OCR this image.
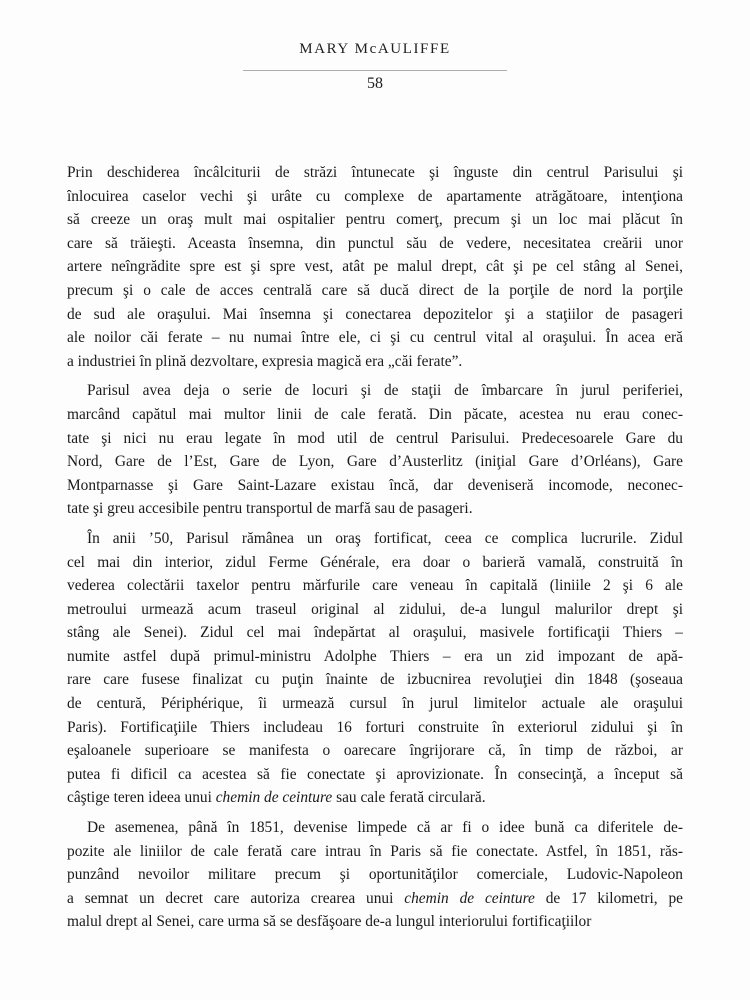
MARY McAULIFFE
58
Prin deschiderea încâlciturii de străzi întunecate şi înguste din centrul Parisului şi
înlocuirea caselor vechi şi urâte cu complexe de apartamente atrăgătoare, intenţiona
să creeze un oraş mult mai ospitalier pentru comerţ, precum şi un loc mai plăcut în
care să trăieşti. Aceasta însemna, din punctul său de vedere, necesitatea creării unor
artere neîngrădite spre est şi spre vest, atât pe malul drept, cât şi pe cel stâng al Senei,
precum şi o cale de acces centrală care să ducă direct de la porţile de nord la porţile
de sud ale oraşului. Mai însemna şi conectarea depozitelor şi a staţiilor de pasageri
ale noilor căi ferate – nu numai între ele, ci şi cu centrul vital al oraşului. În acea eră
a industriei în plină dezvoltare, expresia magică era „căi ferate”.
Parisul avea deja o serie de locuri şi de staţii de îmbarcare în jurul periferiei,
marcând capătul mai multor linii de cale ferată. Din păcate, acestea nu erau conec-
tate şi nici nu erau legate în mod util de centrul Parisului. Predecesoarele Gare du
Nord, Gare de l’Est, Gare de Lyon, Gare d’Austerlitz (iniţial Gare d’Orléans), Gare
Montparnasse şi Gare Saint-Lazare existau încă, dar deveniseră incomode, neconec-
tate şi greu accesibile pentru transportul de marfă sau de pasageri.
În anii ’50, Parisul rămânea un oraş fortificat, ceea ce complica lucrurile. Zidul
cel mai din interior, zidul Ferme Générale, era doar o barieră vamală, construită în
vederea colectării taxelor pentru mărfurile care veneau în capitală (liniile 2 şi 6 ale
metroului urmează acum traseul original al zidului, de-a lungul malurilor drept şi
stâng ale Senei). Zidul cel mai îndepărtat al oraşului, masivele fortificaţii Thiers –
numite astfel după primul-ministru Adolphe Thiers – era un zid impozant de apă-
rare care fusese finalizat cu puţin înainte de izbucnirea revoluţiei din 1848 (şoseaua
de centură, Périphérique, îi urmează cursul în jurul limitelor actuale ale oraşului
Paris). Fortificaţiile Thiers includeau 16 forturi construite în exteriorul zidului şi în
eşaloanele superioare se manifesta o oarecare îngrijorare că, în timp de război, ar
putea fi dificil ca acestea să fie conectate şi aprovizionate. În consecinţă, a început să
câştige teren ideea unui chemin de ceinture sau cale ferată circulară.
De asemenea, până în 1851, devenise limpede că ar fi o idee bună ca diferitele de-
pozite ale liniilor de cale ferată care intrau în Paris să fie conectate. Astfel, în 1851, răs-
punzând nevoilor militare precum şi oportunităţilor comerciale, Ludovic-Napoleon
a semnat un decret care autoriza crearea unui chemin de ceinture de 17 kilometri, pe
malul drept al Senei, care urma să se desfăşoare de-a lungul interiorului fortificaţiilor
